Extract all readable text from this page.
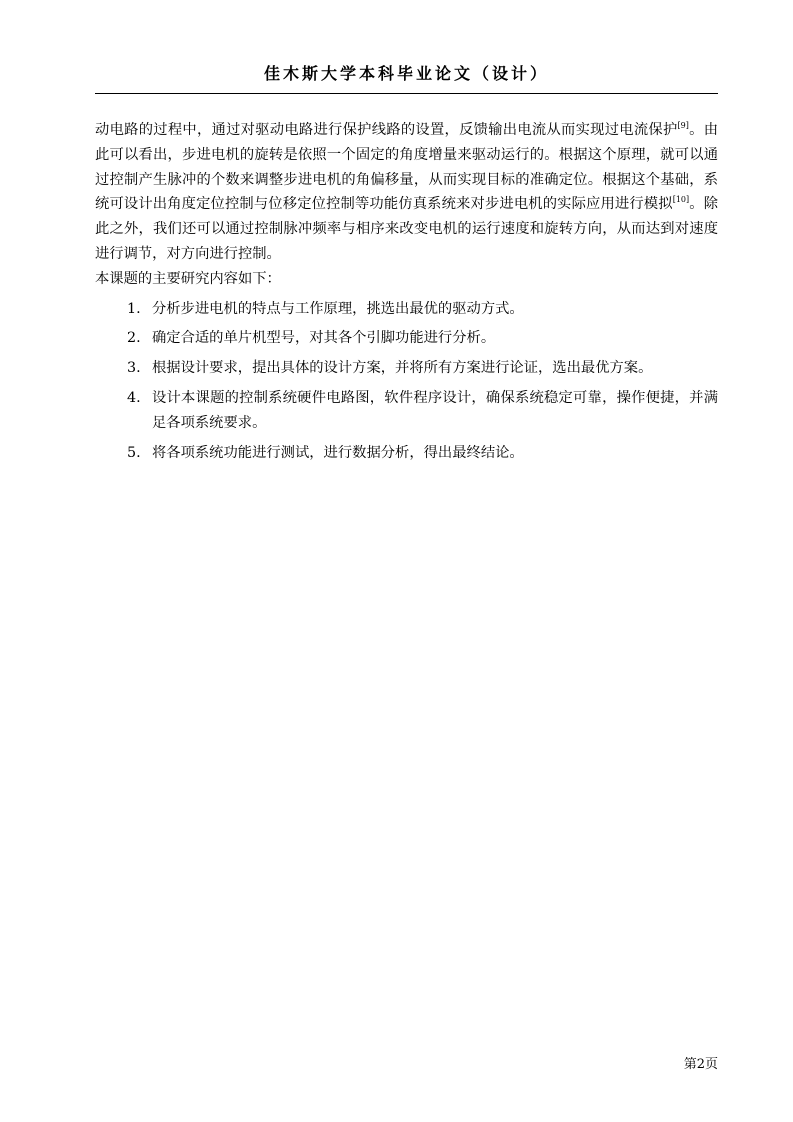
佳木斯大学本科毕业论文（设计）

动电路的过程中，通过对驱动电路进行保护线路的设置，反馈输出电流从而实现过电流保护[9]。由此可以看出，步进电机的旋转是依照一个固定的角度增量来驱动运行的。根据这个原理，就可以通过控制产生脉冲的个数来调整步进电机的角偏移量，从而实现目标的准确定位。根据这个基础，系统可设计出角度定位控制与位移定位控制等功能仿真系统来对步进电机的实际应用进行模拟[10]。除此之外，我们还可以通过控制脉冲频率与相序来改变电机的运行速度和旋转方向，从而达到对速度进行调节，对方向进行控制。

本课题的主要研究内容如下：

1. 分析步进电机的特点与工作原理，挑选出最优的驱动方式。
2. 确定合适的单片机型号，对其各个引脚功能进行分析。
3. 根据设计要求，提出具体的设计方案，并将所有方案进行论证，选出最优方案。
4. 设计本课题的控制系统硬件电路图，软件程序设计，确保系统稳定可靠，操作便捷，并满足各项系统要求。
5. 将各项系统功能进行测试，进行数据分析，得出最终结论。
第2页
